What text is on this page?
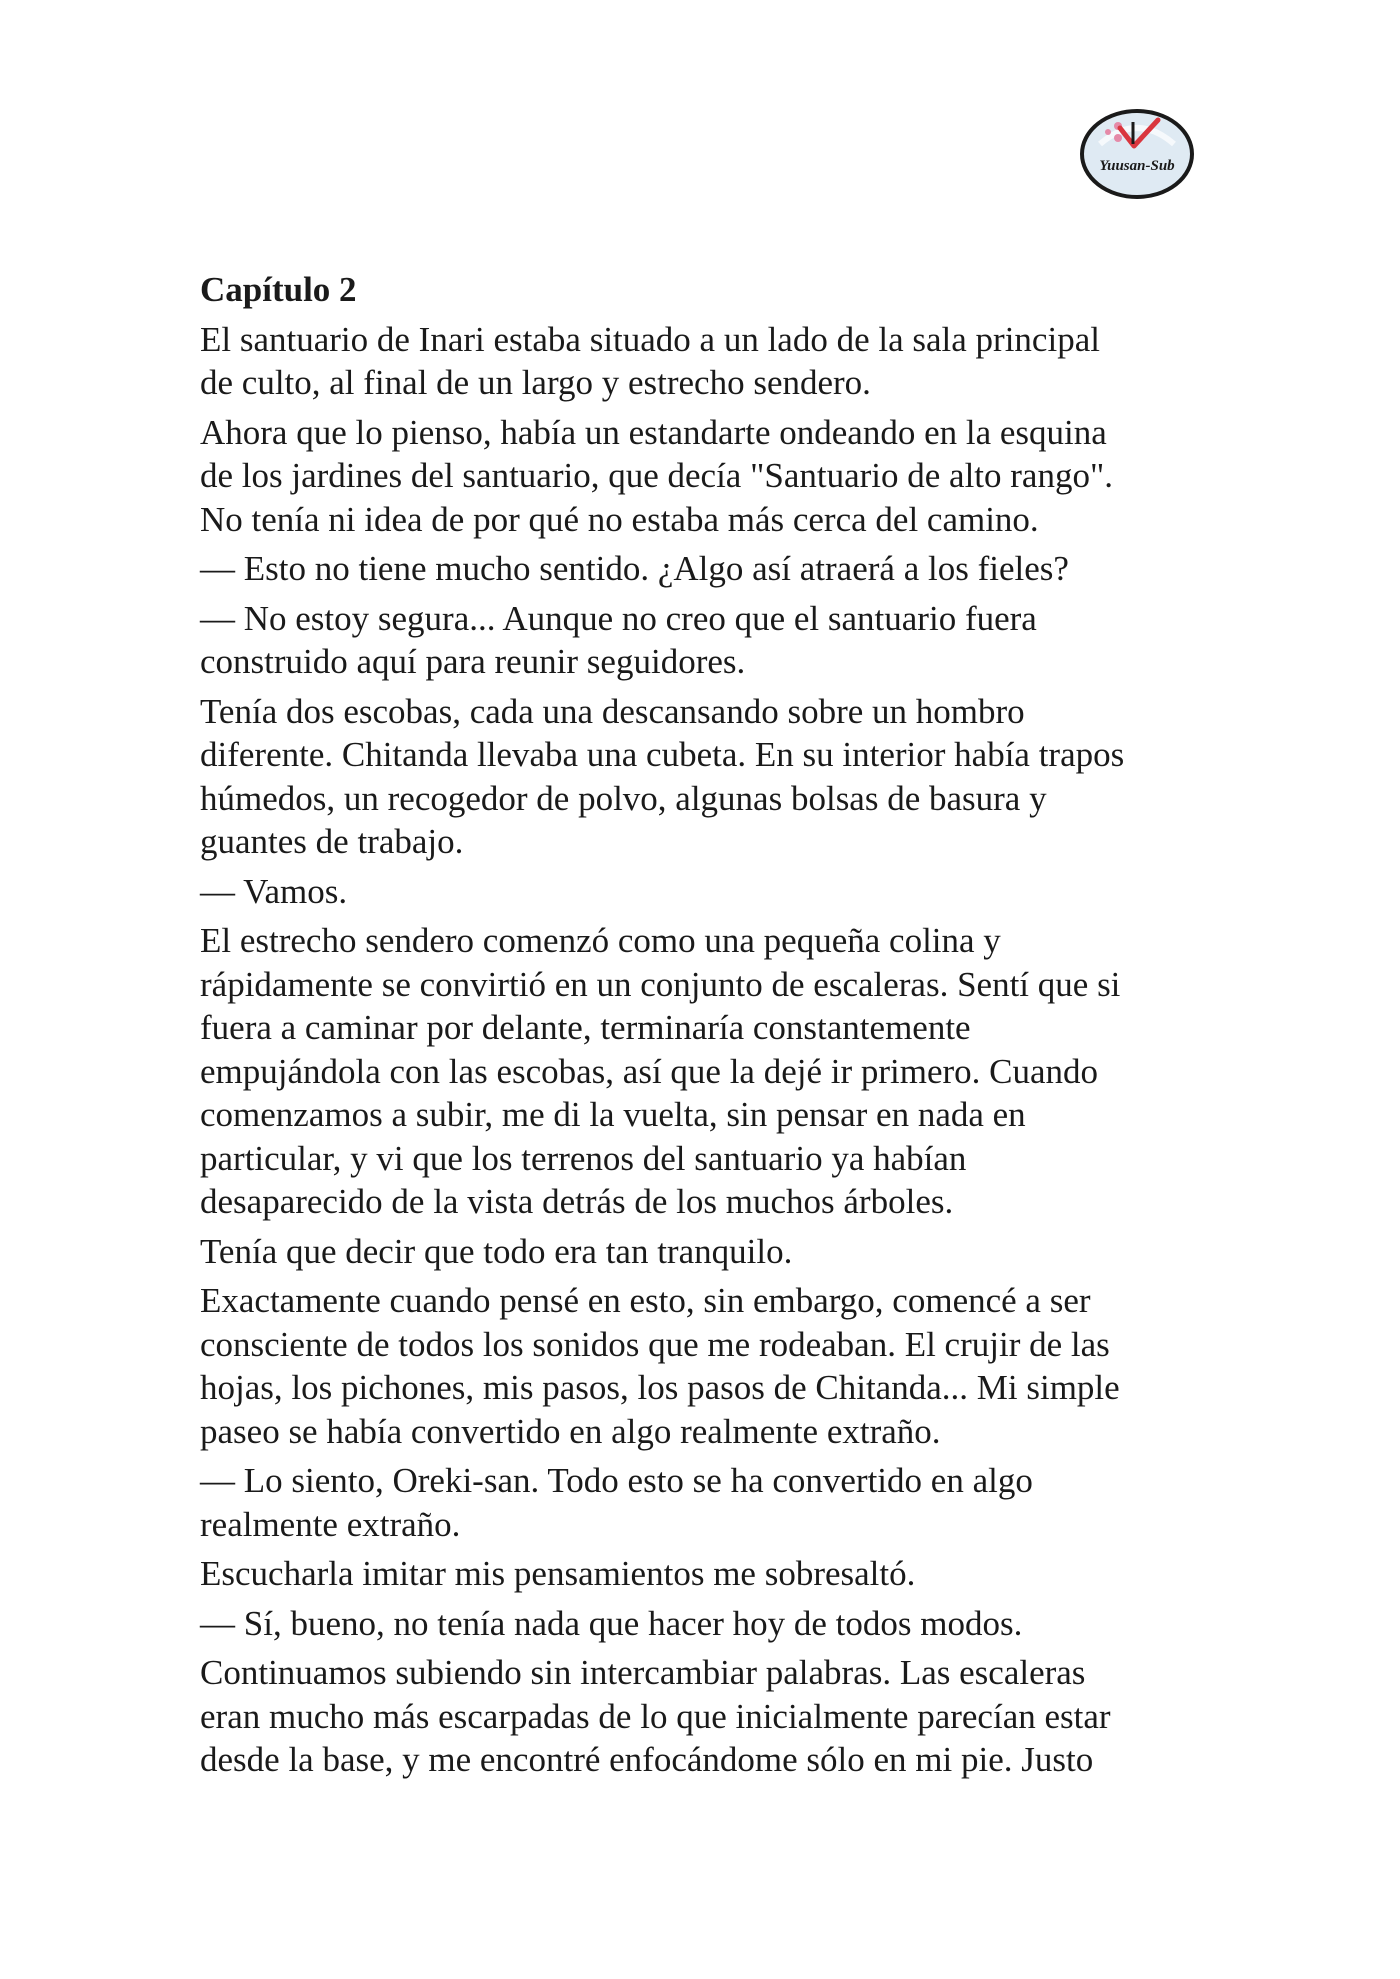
Yuusan-Sub
Capítulo 2

El santuario de Inari estaba situado a un lado de la sala principal
de culto, al final de un largo y estrecho sendero.

Ahora que lo pienso, había un estandarte ondeando en la esquina
de los jardines del santuario, que decía "Santuario de alto rango".
No tenía ni idea de por qué no estaba más cerca del camino.

— Esto no tiene mucho sentido. ¿Algo así atraerá a los fieles?

— No estoy segura... Aunque no creo que el santuario fuera
construido aquí para reunir seguidores.

Tenía dos escobas, cada una descansando sobre un hombro
diferente. Chitanda llevaba una cubeta. En su interior había trapos
húmedos, un recogedor de polvo, algunas bolsas de basura y
guantes de trabajo.

— Vamos.

El estrecho sendero comenzó como una pequeña colina y
rápidamente se convirtió en un conjunto de escaleras. Sentí que si
fuera a caminar por delante, terminaría constantemente
empujándola con las escobas, así que la dejé ir primero. Cuando
comenzamos a subir, me di la vuelta, sin pensar en nada en
particular, y vi que los terrenos del santuario ya habían
desaparecido de la vista detrás de los muchos árboles.

Tenía que decir que todo era tan tranquilo.

Exactamente cuando pensé en esto, sin embargo, comencé a ser
consciente de todos los sonidos que me rodeaban. El crujir de las
hojas, los pichones, mis pasos, los pasos de Chitanda... Mi simple
paseo se había convertido en algo realmente extraño.

— Lo siento, Oreki-san. Todo esto se ha convertido en algo
realmente extraño.

Escucharla imitar mis pensamientos me sobresaltó.

— Sí, bueno, no tenía nada que hacer hoy de todos modos.

Continuamos subiendo sin intercambiar palabras. Las escaleras
eran mucho más escarpadas de lo que inicialmente parecían estar
desde la base, y me encontré enfocándome sólo en mi pie. Justo
